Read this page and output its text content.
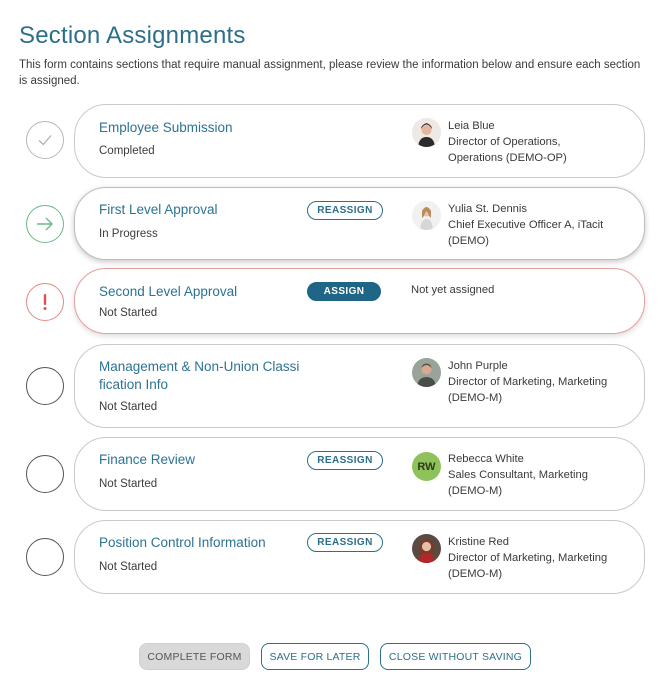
Section Assignments

This form contains sections that require manual assignment, please review the information below and ensure each section is assigned.

Employee Submission
Completed
Leia Blue
Director of Operations,
Operations (DEMO-OP)
First Level Approval
In Progress
REASSIGN	Yulia St. Dennis
Chief Executive Officer A, iTacit
(DEMO)
Second Level Approval
Not Started
ASSIGN	Not yet assigned
Management & Non-Union Classi
fication Info
Not Started
John Purple
Director of Marketing, Marketing
(DEMO-M)
Finance Review
Not Started
REASSIGN	RW
Rebecca White
Sales Consultant, Marketing
(DEMO-M)
Position Control Information
Not Started
REASSIGN	Kristine Red
Director of Marketing, Marketing
(DEMO-M)
COMPLETE FORM	SAVE FOR LATER	CLOSE WITHOUT SAVING
